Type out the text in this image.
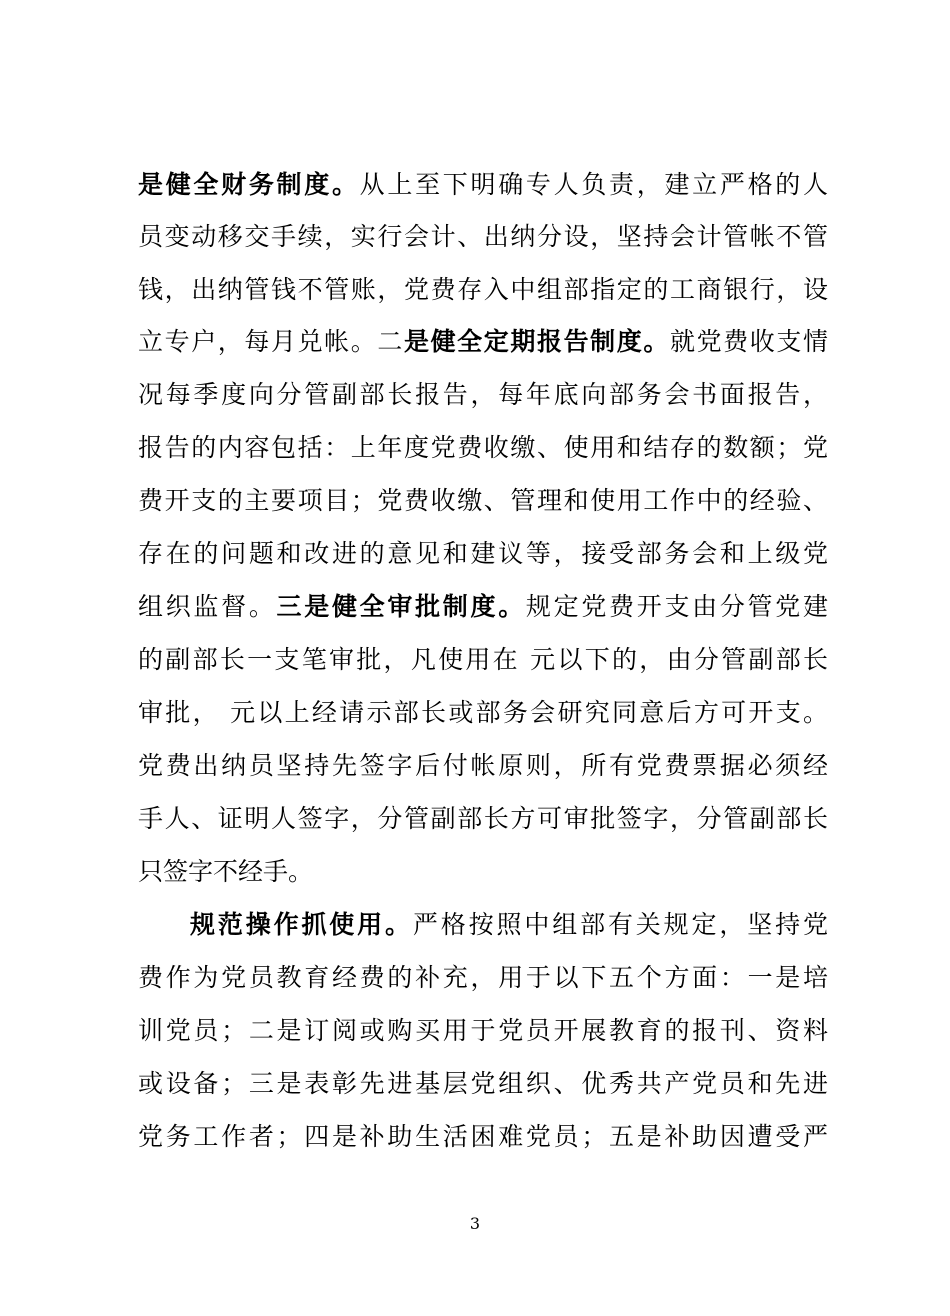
是健全财务制度。从上至下明确专人负责，建立严格的人
员变动移交手续，实行会计、出纳分设，坚持会计管帐不管
钱，出纳管钱不管账，党费存入中组部指定的工商银行，设
立专户，每月兑帐。二是健全定期报告制度。就党费收支情
况每季度向分管副部长报告，每年底向部务会书面报告，
报告的内容包括：上年度党费收缴、使用和结存的数额；党
费开支的主要项目；党费收缴、管理和使用工作中的经验、
存在的问题和改进的意见和建议等，接受部务会和上级党
组织监督。三是健全审批制度。规定党费开支由分管党建
的副部长一支笔审批，凡使用在 元以下的，由分管副部长
审批， 元以上经请示部长或部务会研究同意后方可开支。
党费出纳员坚持先签字后付帐原则，所有党费票据必须经
手人、证明人签字，分管副部长方可审批签字，分管副部长
只签字不经手。
规范操作抓使用。严格按照中组部有关规定，坚持党
费作为党员教育经费的补充，用于以下五个方面：一是培
训党员；二是订阅或购买用于党员开展教育的报刊、资料
或设备；三是表彰先进基层党组织、优秀共产党员和先进
党务工作者；四是补助生活困难党员；五是补助因遭受严
3
